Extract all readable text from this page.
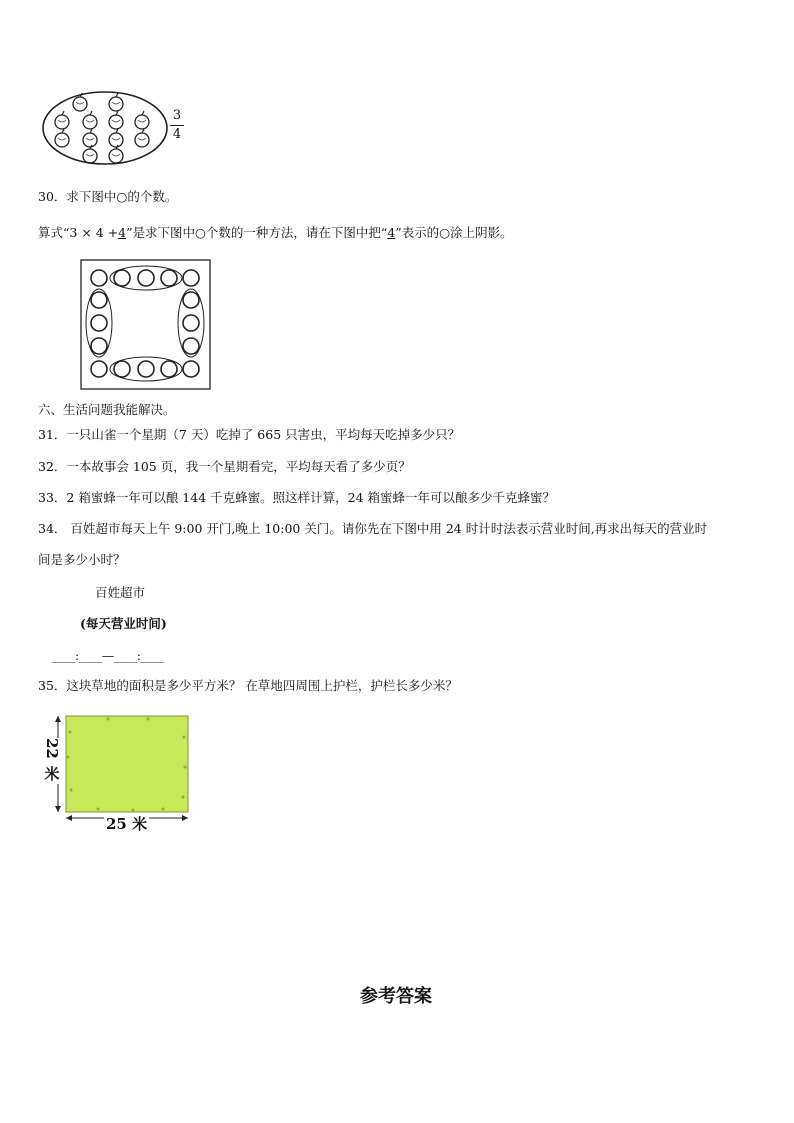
3
4
30．求下图中○的个数。
算式“3 × 4 +4”是求下图中○个数的一种方法，请在下图中把“4”表示的○涂上阴影。
六、生活问题我能解决。
31．一只山雀一个星期（7 天）吃掉了 665 只害虫，平均每天吃掉多少只？
32．一本故事会 105 页，我一个星期看完，平均每天看了多少页？
33．2 箱蜜蜂一年可以酿 144 千克蜂蜜。照这样计算，24 箱蜜蜂一年可以酿多少千克蜂蜜？
34． 百姓超市每天上午 9:00 开门,晚上 10:00 关门。请你先在下图中用 24 时计时法表示营业时间,再求出每天的营业时
间是多少小时？
百姓超市
(每天营业时间)
____:____—____:____
35．这块草地的面积是多少平方米？ 在草地四周围上护栏，护栏长多少米？
22
米
25 米
参考答案
